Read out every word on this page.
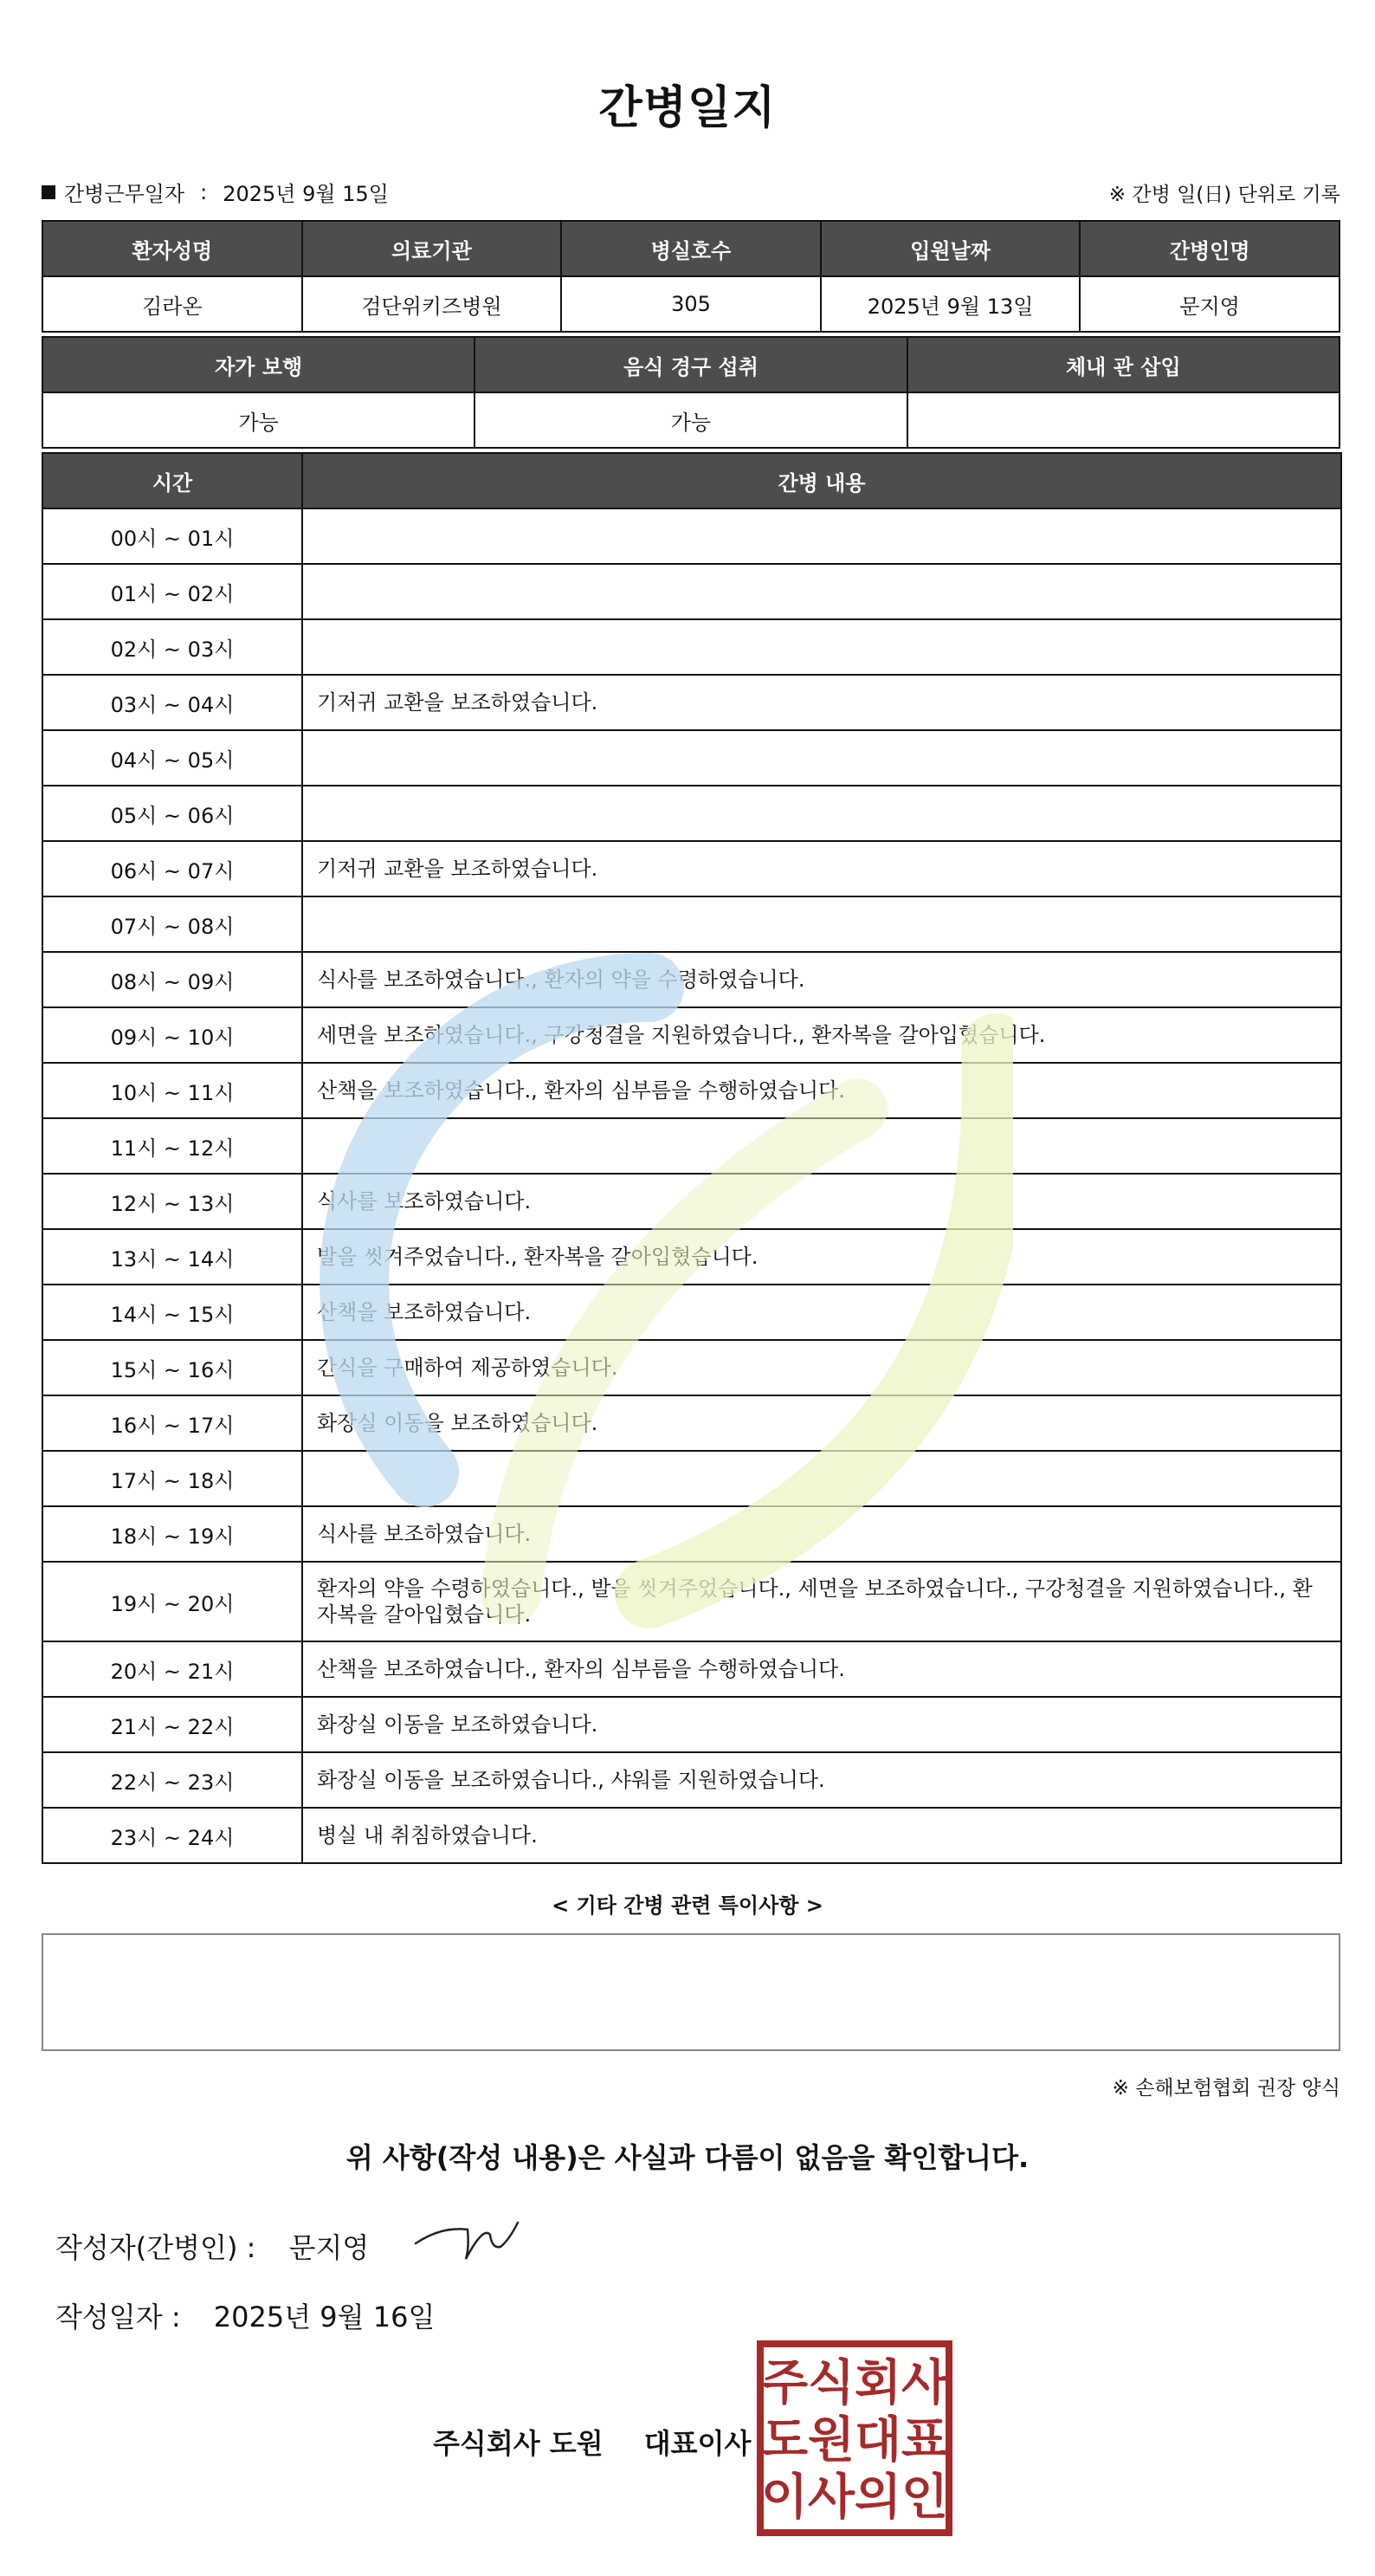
간병일지
간병근무일자 : 2025년 9월 15일	※ 간병 일(日) 단위로 기록
환자성명	의료기관	병실호수	입원날짜	간병인명
김라온	검단위키즈병원	305	2025년 9월 13일	문지영
자가 보행	음식 경구 섭취	체내 관 삽입
가능	가능	
시간	간병 내용
00시 ~ 01시	
01시 ~ 02시	
02시 ~ 03시	
03시 ~ 04시	기저귀 교환을 보조하였습니다.
04시 ~ 05시	
05시 ~ 06시	
06시 ~ 07시	기저귀 교환을 보조하였습니다.
07시 ~ 08시	
08시 ~ 09시	식사를 보조하였습니다., 환자의 약을 수령하였습니다.
09시 ~ 10시	세면을 보조하였습니다., 구강청결을 지원하였습니다., 환자복을 갈아입혔습니다.
10시 ~ 11시	산책을 보조하였습니다., 환자의 심부름을 수행하였습니다.
11시 ~ 12시	
12시 ~ 13시	식사를 보조하였습니다.
13시 ~ 14시	발을 씻겨주었습니다., 환자복을 갈아입혔습니다.
14시 ~ 15시	산책을 보조하였습니다.
15시 ~ 16시	간식을 구매하여 제공하였습니다.
16시 ~ 17시	화장실 이동을 보조하였습니다.
17시 ~ 18시	
18시 ~ 19시	식사를 보조하였습니다.
19시 ~ 20시	환자의 약을 수령하였습니다., 발을 씻겨주었습니다., 세면을 보조하였습니다., 구강청결을 지원하였습니다., 환자복을 갈아입혔습니다.
20시 ~ 21시	산책을 보조하였습니다., 환자의 심부름을 수행하였습니다.
21시 ~ 22시	화장실 이동을 보조하였습니다.
22시 ~ 23시	화장실 이동을 보조하였습니다., 샤워를 지원하였습니다.
23시 ~ 24시	병실 내 취침하였습니다.
< 기타 간병 관련 특이사항 >
※ 손해보험협회 권장 양식
위 사항(작성 내용)은 사실과 다름이 없음을 확인합니다.
작성자(간병인) : 문지영
작성일자 : 2025년 9월 16일
주식회사 도원 대표이사
주 식 회 사
도 원 대 표
이 사 의 인
